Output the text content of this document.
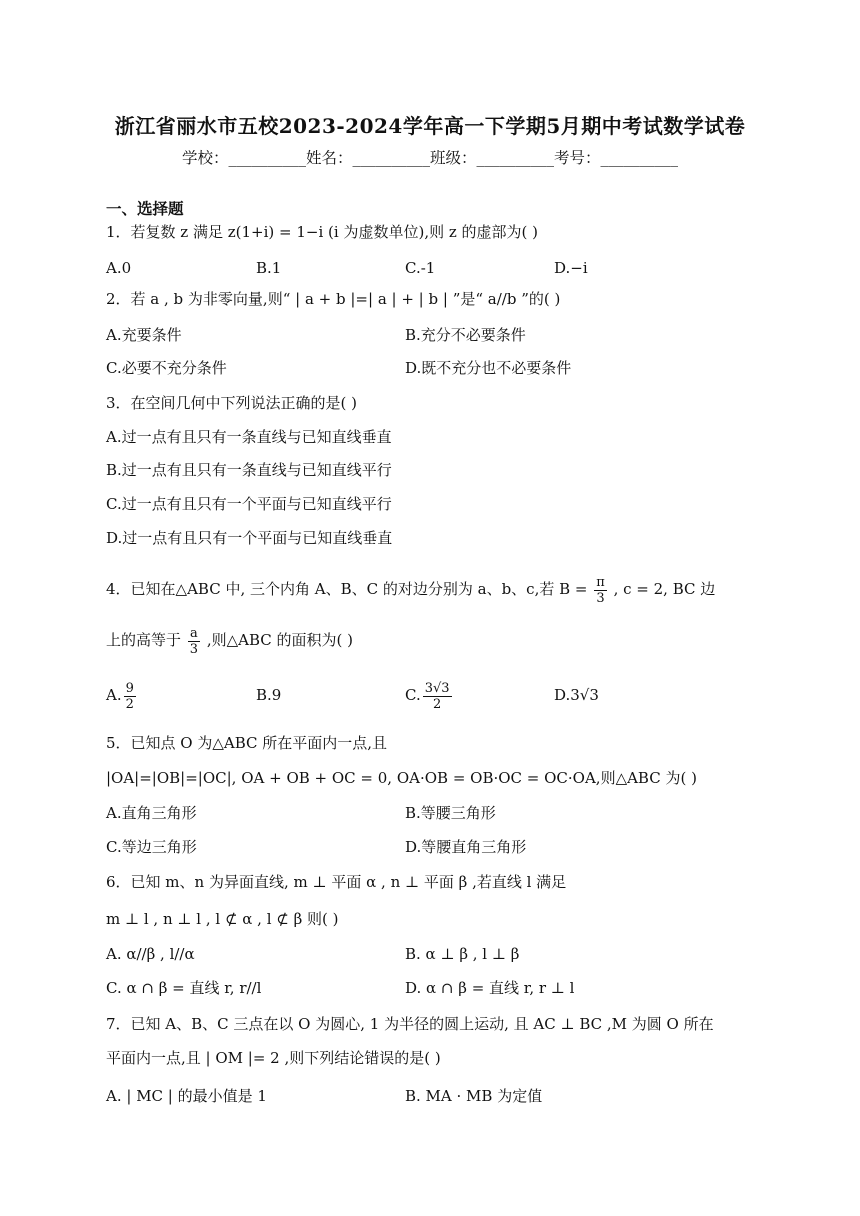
浙江省丽水市五校2023-2024学年高一下学期5月期中考试数学试卷
学校：__________姓名：__________班级：__________考号：__________
一、选择题
1．若复数 z 满足 z(1+i) = 1−i (i 为虚数单位),则 z 的虚部为( )
A.0	B.1	C.-1	D.−i
2．若 a , b 为非零向量,则“ | a + b |=| a | + | b | ”是“ a//b ”的( )
A.充要条件	B.充分不必要条件
C.必要不充分条件	D.既不充分也不必要条件
3．在空间几何中下列说法正确的是( )
A.过一点有且只有一条直线与已知直线垂直
B.过一点有且只有一条直线与已知直线平行
C.过一点有且只有一个平面与已知直线平行
D.过一点有且只有一个平面与已知直线垂直
4．已知在△ABC 中, 三个内角 A、B、C 的对边分别为 a、b、c,若 $B = \frac{\pi}{3}$ , c = 2, BC 边
上的高等于 $\frac{a}{3}$ ,则△ABC 的面积为( )
A. $\frac{9}{2}$	B.9	C. $\frac{3√3}{2}$	D.3√3
5．已知点 O 为△ABC 所在平面内一点,且
|OA|=|OB|=|OC|, OA + OB + OC = 0, OA·OB = OB·OC = OC·OA,则△ABC 为( )
A.直角三角形	B.等腰三角形
C.等边三角形	D.等腰直角三角形
6．已知 m、n 为异面直线, m ⊥ 平面 α , n ⊥ 平面 β ,若直线 l 满足
m ⊥ l , n ⊥ l , l ⊄ α , l ⊄ β 则( )
A. α//β , l//α	B. α ⊥ β , l ⊥ β
C. α ∩ β = 直线 r, r//l	D. α ∩ β = 直线 r, r ⊥ l
7．已知 A、B、C 三点在以 O 为圆心, 1 为半径的圆上运动, 且 AC ⊥ BC ,M 为圆 O 所在
平面内一点,且 | OM |= 2 ,则下列结论错误的是( )
A. | MC | 的最小值是 1	B. MA · MB 为定值
